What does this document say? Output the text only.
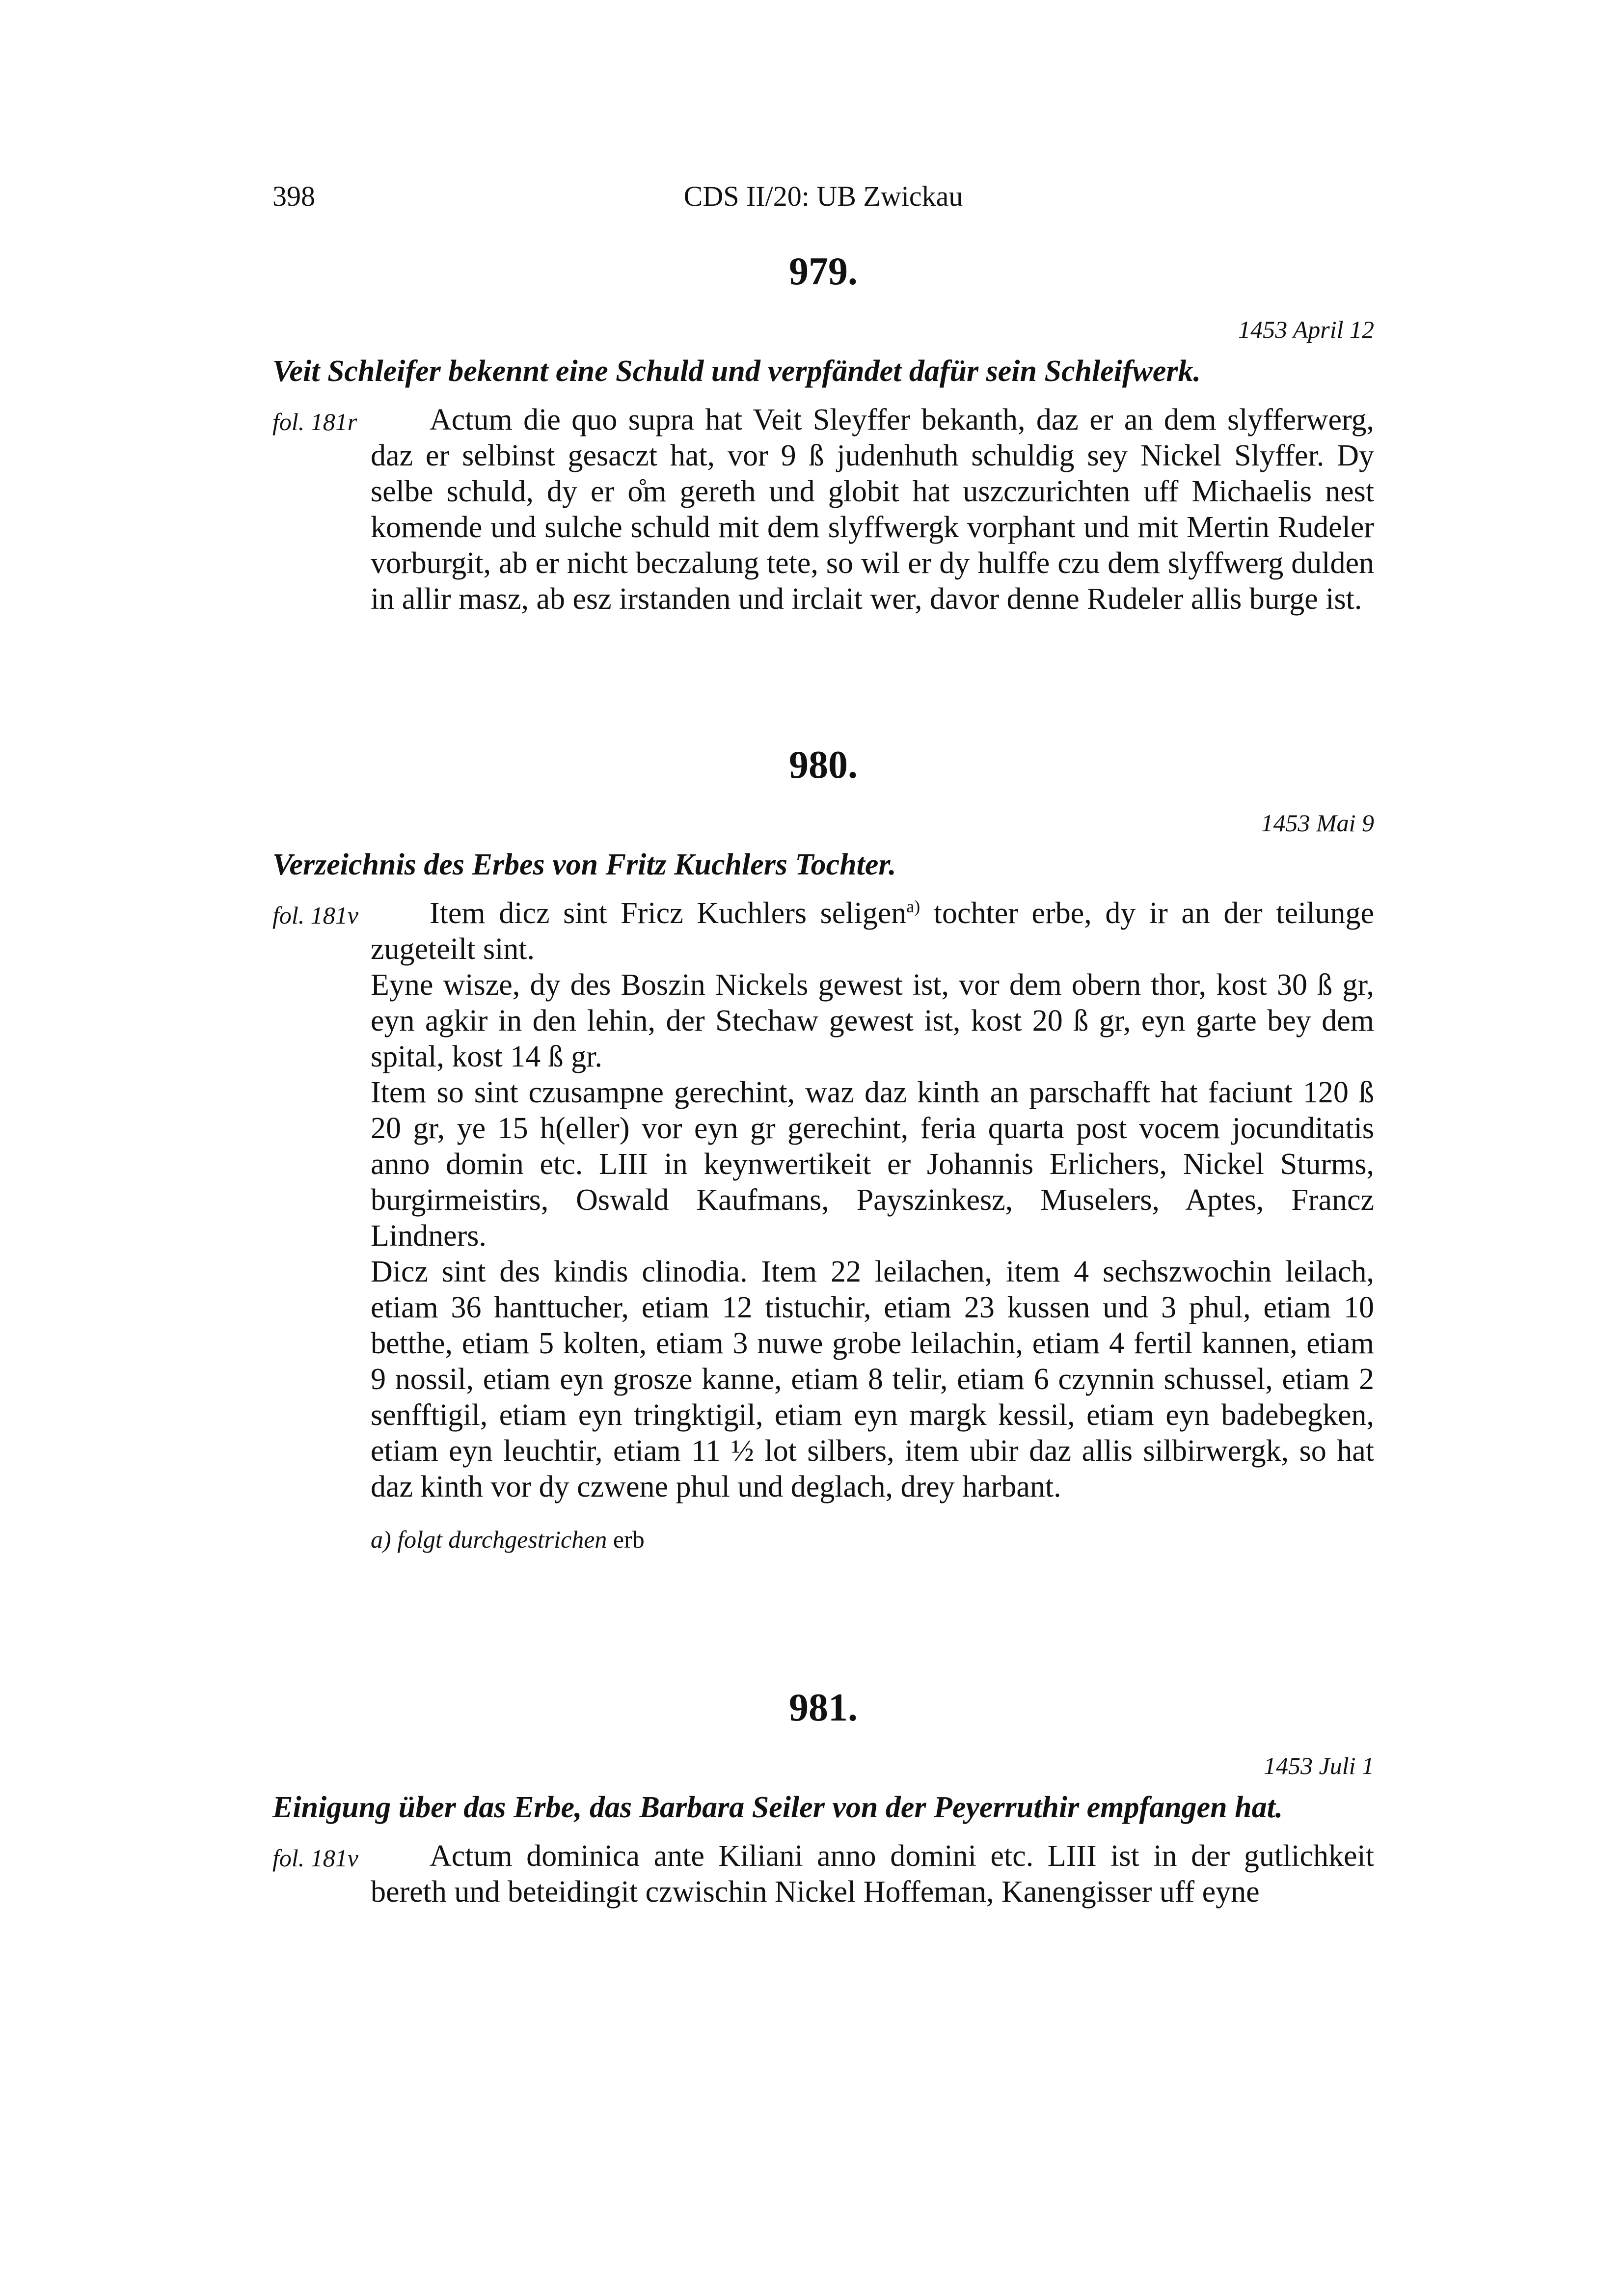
398	CDS II/20: UB Zwickau
979.
1453 April 12
Veit Schleifer bekennt eine Schuld und verpfändet dafür sein Schleifwerk.
fol. 181r	Actum die quo supra hat Veit Sleyffer bekanth, daz er an dem slyfferwerg, daz er selbinst gesaczt hat, vor 9 ß judenhuth schuldig sey Nickel Slyffer. Dy selbe schuld, dy er o̊m gereth und globit hat uszczurichten uff Michaelis nest komende und sulche schuld mit dem slyffwergk vorphant und mit Mertin Rudeler vorburgit, ab er nicht beczalung tete, so wil er dy hulffe czu dem slyffwerg dulden in allir masz, ab esz irstanden und irclait wer, davor denne Rudeler allis burge ist.

980.
1453 Mai 9
Verzeichnis des Erbes von Fritz Kuchlers Tochter.
fol. 181v	Item dicz sint Fricz Kuchlers seligen$^{a)}$ tochter erbe, dy ir an der teilunge zugeteilt sint.

Eyne wisze, dy des Boszin Nickels gewest ist, vor dem obern thor, kost 30 ß gr, eyn agkir in den lehin, der Stechaw gewest ist, kost 20 ß gr, eyn garte bey dem spital, kost 14 ß gr.

Item so sint czusampne gerechint, waz daz kinth an parschafft hat faciunt 120 ß 20 gr, ye 15 h(eller) vor eyn gr gerechint, feria quarta post vocem jocunditatis anno domin etc. LIII in keynwertikeit er Johannis Erlichers, Nickel Sturms, burgirmeistirs, Oswald Kaufmans, Payszinkesz, Muselers, Aptes, Francz Lindners.

Dicz sint des kindis clinodia. Item 22 leilachen, item 4 sechszwochin leilach, etiam 36 hanttucher, etiam 12 tistuchir, etiam 23 kussen und 3 phul, etiam 10 betthe, etiam 5 kolten, etiam 3 nuwe grobe leilachin, etiam 4 fertil kannen, etiam 9 nossil, etiam eyn grosze kanne, etiam 8 telir, etiam 6 czynnin schussel, etiam 2 senfftigil, etiam eyn tringktigil, etiam eyn margk kessil, etiam eyn badebegken, etiam eyn leuchtir, etiam 11 ½ lot silbers, item ubir daz allis silbirwergk, so hat daz kinth vor dy czwene phul und deglach, drey harbant.

a) folgt durchgestrichen erb
981.
1453 Juli 1
Einigung über das Erbe, das Barbara Seiler von der Peyerruthir empfangen hat.
fol. 181v	Actum dominica ante Kiliani anno domini etc. LIII ist in der gutlichkeit bereth und beteidingit czwischin Nickel Hoffeman, Kanengisser uff eyne
